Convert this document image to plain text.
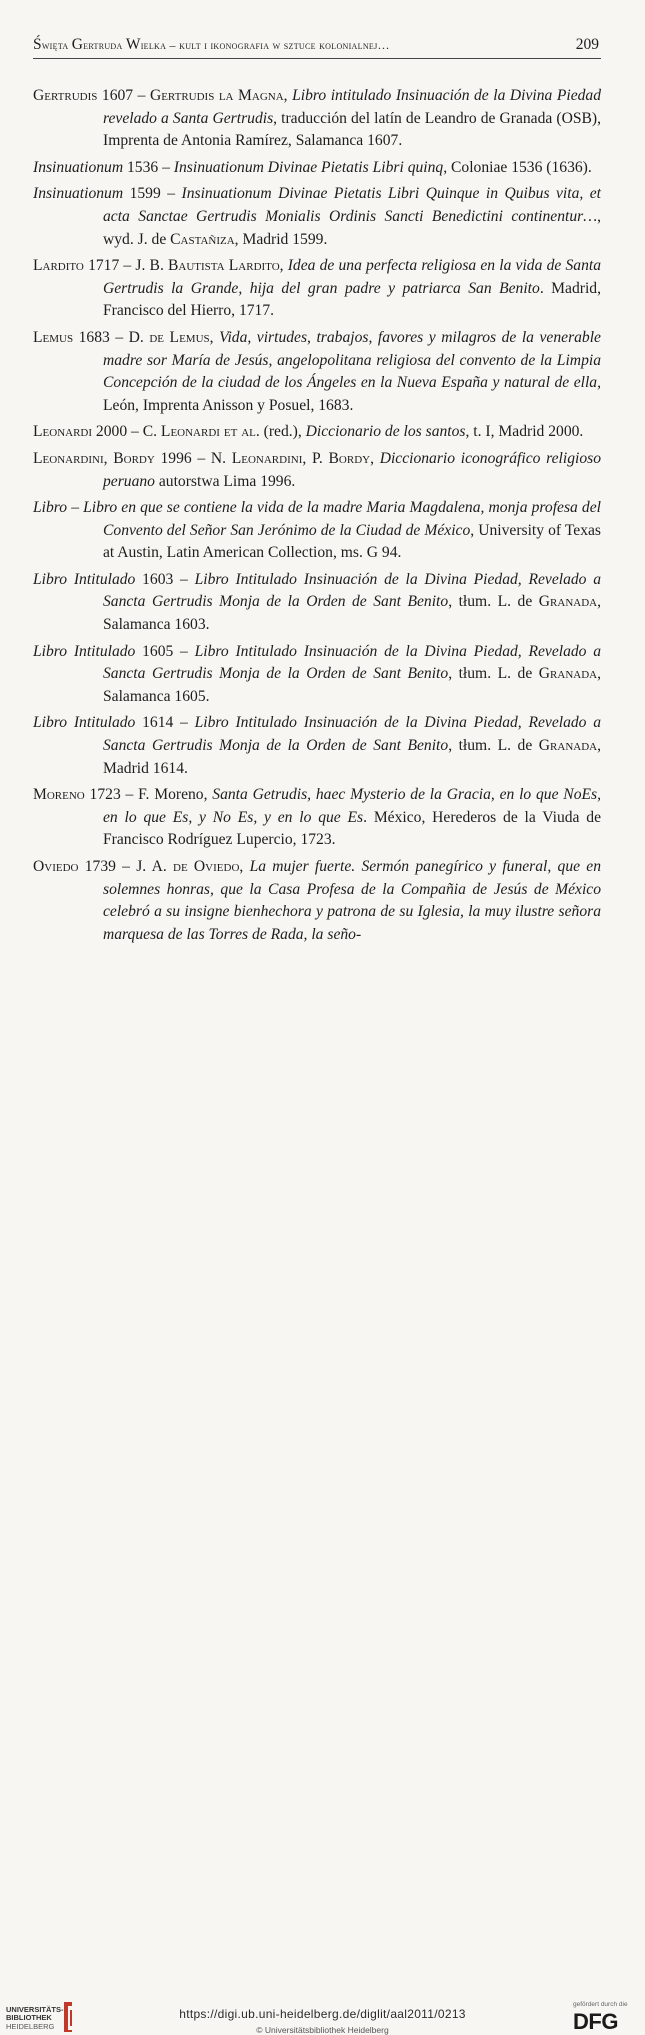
Święta Gertruda Wielka – kult i ikonografia w sztuce kolonialnej…	209

Gertrudis 1607 – Gertrudis la Magna, Libro intitulado Insinuación de la Divina Piedad revelado a Santa Gertrudis, traducción del latín de Leandro de Granada (OSB), Imprenta de Antonia Ramírez, Salamanca 1607.

Insinuationum 1536 – Insinuationum Divinae Pietatis Libri quinq, Coloniae 1536 (1636).

Insinuationum 1599 – Insinuationum Divinae Pietatis Libri Quinque in Quibus vita, et acta Sanctae Gertrudis Monialis Ordinis Sancti Benedictini continentur…, wyd. J. de Castañiza, Madrid 1599.

Lardito 1717 – J. B. Bautista Lardito, Idea de una perfecta religiosa en la vida de Santa Gertrudis la Grande, hija del gran padre y patriarca San Benito. Madrid, Francisco del Hierro, 1717.

Lemus 1683 – D. de Lemus, Vida, virtudes, trabajos, favores y milagros de la venerable madre sor María de Jesús, angelopolitana religiosa del convento de la Limpia Concepción de la ciudad de los Ángeles en la Nueva España y natural de ella, León, Imprenta Anisson y Posuel, 1683.

Leonardi 2000 – C. Leonardi et al. (red.), Diccionario de los santos, t. I, Madrid 2000.

Leonardini, Bordy 1996 – N. Leonardini, P. Bordy, Diccionario iconográfico religioso peruano autorstwa Lima 1996.

Libro – Libro en que se contiene la vida de la madre Maria Magdalena, monja profesa del Convento del Señor San Jerónimo de la Ciudad de México, University of Texas at Austin, Latin American Collection, ms. G 94.

Libro Intitulado 1603 – Libro Intitulado Insinuación de la Divina Piedad, Revelado a Sancta Gertrudis Monja de la Orden de Sant Benito, tłum. L. de Granada, Salamanca 1603.

Libro Intitulado 1605 – Libro Intitulado Insinuación de la Divina Piedad, Revelado a Sancta Gertrudis Monja de la Orden de Sant Benito, tłum. L. de Granada, Salamanca 1605.

Libro Intitulado 1614 – Libro Intitulado Insinuación de la Divina Piedad, Revelado a Sancta Gertrudis Monja de la Orden de Sant Benito, tłum. L. de Granada, Madrid 1614.

Moreno 1723 – F. Moreno, Santa Getrudis, haec Mysterio de la Gracia, en lo que NoEs, en lo que Es, y No Es, y en lo que Es. México, Herederos de la Viuda de Francisco Rodríguez Lupercio, 1723.

Oviedo 1739 – J. A. de Oviedo, La mujer fuerte. Sermón panegírico y funeral, que en solemnes honras, que la Casa Profesa de la Compañia de Jesús de México celebró a su insigne bienhechora y patrona de su Iglesia, la muy ilustre señora marquesa de las Torres de Rada, la seño-

UNIVERSITÄTS-
BIBLIOTHEK
HEIDELBERG
https://digi.ub.uni-heidelberg.de/diglit/aal2011/0213
© Universitätsbibliothek Heidelberg
gefördert durch die
DFG
